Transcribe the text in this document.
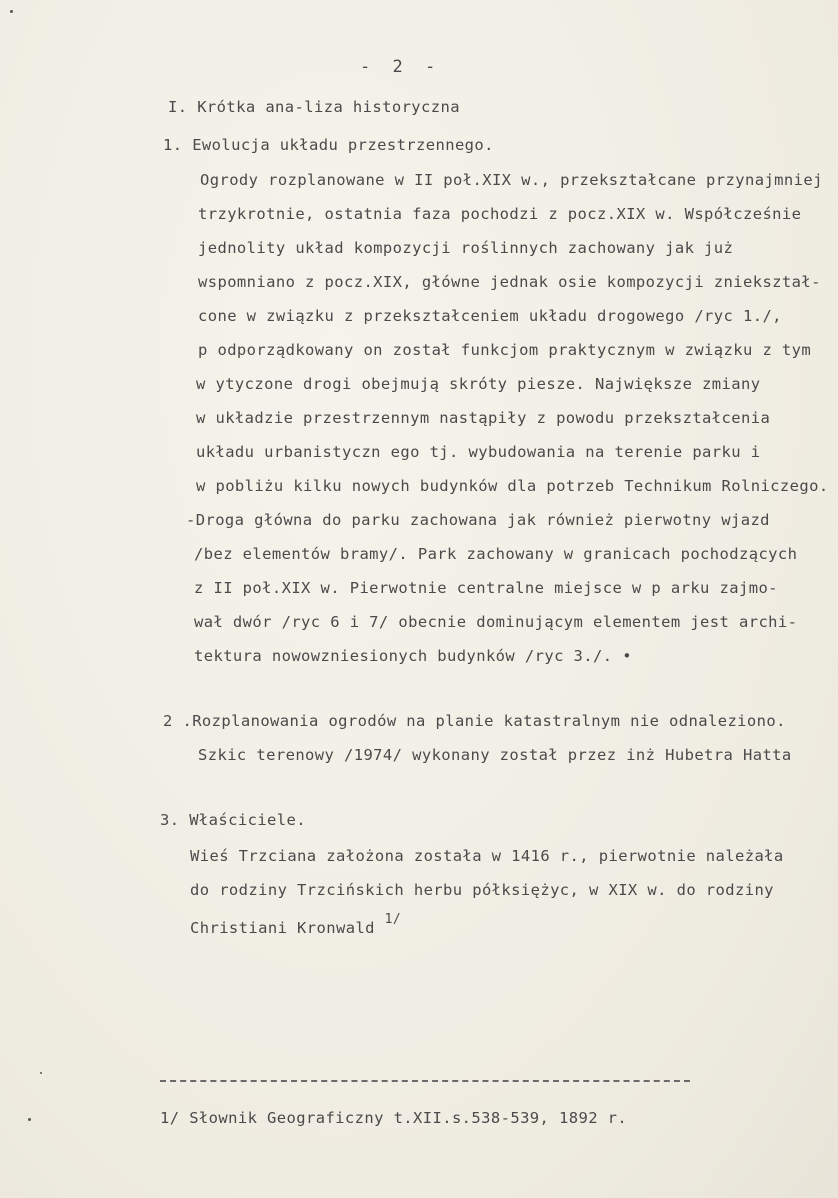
- 2 -
I. Krótka ana-liza historyczna
1. Ewolucja układu przestrzennego.
Ogrody rozplanowane w II poł.XIX w., przekształcane przynajmniej
trzykrotnie, ostatnia faza pochodzi z pocz.XIX w. Współcześnie
jednolity układ kompozycji roślinnych zachowany jak już
wspomniano z pocz.XIX, główne jednak osie kompozycji zniekształ-
cone w związku z przekształceniem układu drogowego /ryc 1./,
p odporządkowany on został funkcjom praktycznym w związku z tym
w ytyczone drogi obejmują skróty piesze. Największe zmiany
w układzie przestrzennym nastąpiły z powodu przekształcenia
układu urbanistyczn ego tj. wybudowania na terenie parku i
w pobliżu kilku nowych budynków dla potrzeb Technikum Rolniczego.
-Droga główna do parku zachowana jak również pierwotny wjazd
/bez elementów bramy/. Park zachowany w granicach pochodzących
z II poł.XIX w. Pierwotnie centralne miejsce w p arku zajmo-
wał dwór /ryc 6 i 7/ obecnie dominującym elementem jest archi-
tektura nowowzniesionych budynków /ryc 3./. •
2 .Rozplanowania ogrodów na planie katastralnym nie odnaleziono.
Szkic terenowy /1974/ wykonany został przez inż Hubetra Hatta
3. Właściciele.
Wieś Trzciana założona została w 1416 r., pierwotnie należała
do rodziny Trzcińskich herbu półksiężyc, w XIX w. do rodziny
Christiani Kronwald $^{1/}$
1/ Słownik Geograficzny t.XII.s.538-539, 1892 r.
